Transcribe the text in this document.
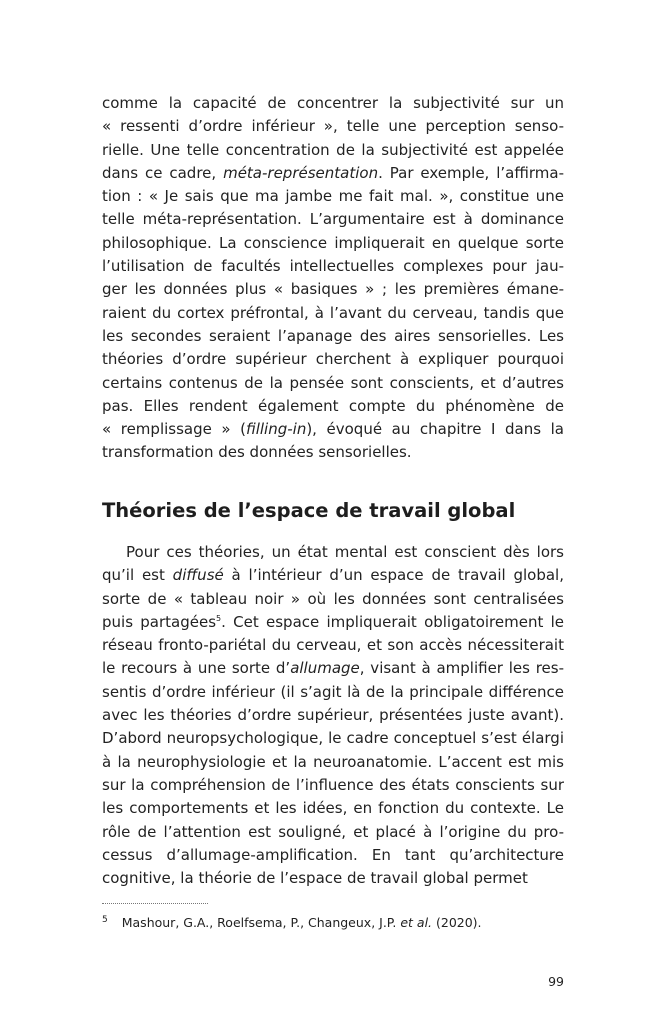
comme la capacité de concentrer la subjectivité sur un
« ressenti d’ordre inférieur », telle une perception senso-
rielle. Une telle concentration de la subjectivité est appelée
dans ce cadre, méta-représentation. Par exemple, l’affirma-
tion : « Je sais que ma jambe me fait mal. », constitue une
telle méta-représentation. L’argumentaire est à dominance
philosophique. La conscience impliquerait en quelque sorte
l’utilisation de facultés intellectuelles complexes pour jau-
ger les données plus « basiques » ; les premières émane-
raient du cortex préfrontal, à l’avant du cerveau, tandis que
les secondes seraient l’apanage des aires sensorielles. Les
théories d’ordre supérieur cherchent à expliquer pourquoi
certains contenus de la pensée sont conscients, et d’autres
pas. Elles rendent également compte du phénomène de
« remplissage » (filling-in), évoqué au chapitre I dans la
transformation des données sensorielles.
Théories de l’espace de travail global
Pour ces théories, un état mental est conscient dès lors
qu’il est diffusé à l’intérieur d’un espace de travail global,
sorte de « tableau noir » où les données sont centralisées
puis partagées$^5$. Cet espace impliquerait obligatoirement le
réseau fronto-pariétal du cerveau, et son accès nécessiterait
le recours à une sorte d’allumage, visant à amplifier les res-
sentis d’ordre inférieur (il s’agit là de la principale différence
avec les théories d’ordre supérieur, présentées juste avant).
D’abord neuropsychologique, le cadre conceptuel s’est élargi
à la neurophysiologie et la neuroanatomie. L’accent est mis
sur la compréhension de l’influence des états conscients sur
les comportements et les idées, en fonction du contexte. Le
rôle de l’attention est souligné, et placé à l’origine du pro-
cessus d’allumage-amplification. En tant qu’architecture
cognitive, la théorie de l’espace de travail global permet
$^5$ Mashour, G.A., Roelfsema, P., Changeux, J.P. et al. (2020).
99
